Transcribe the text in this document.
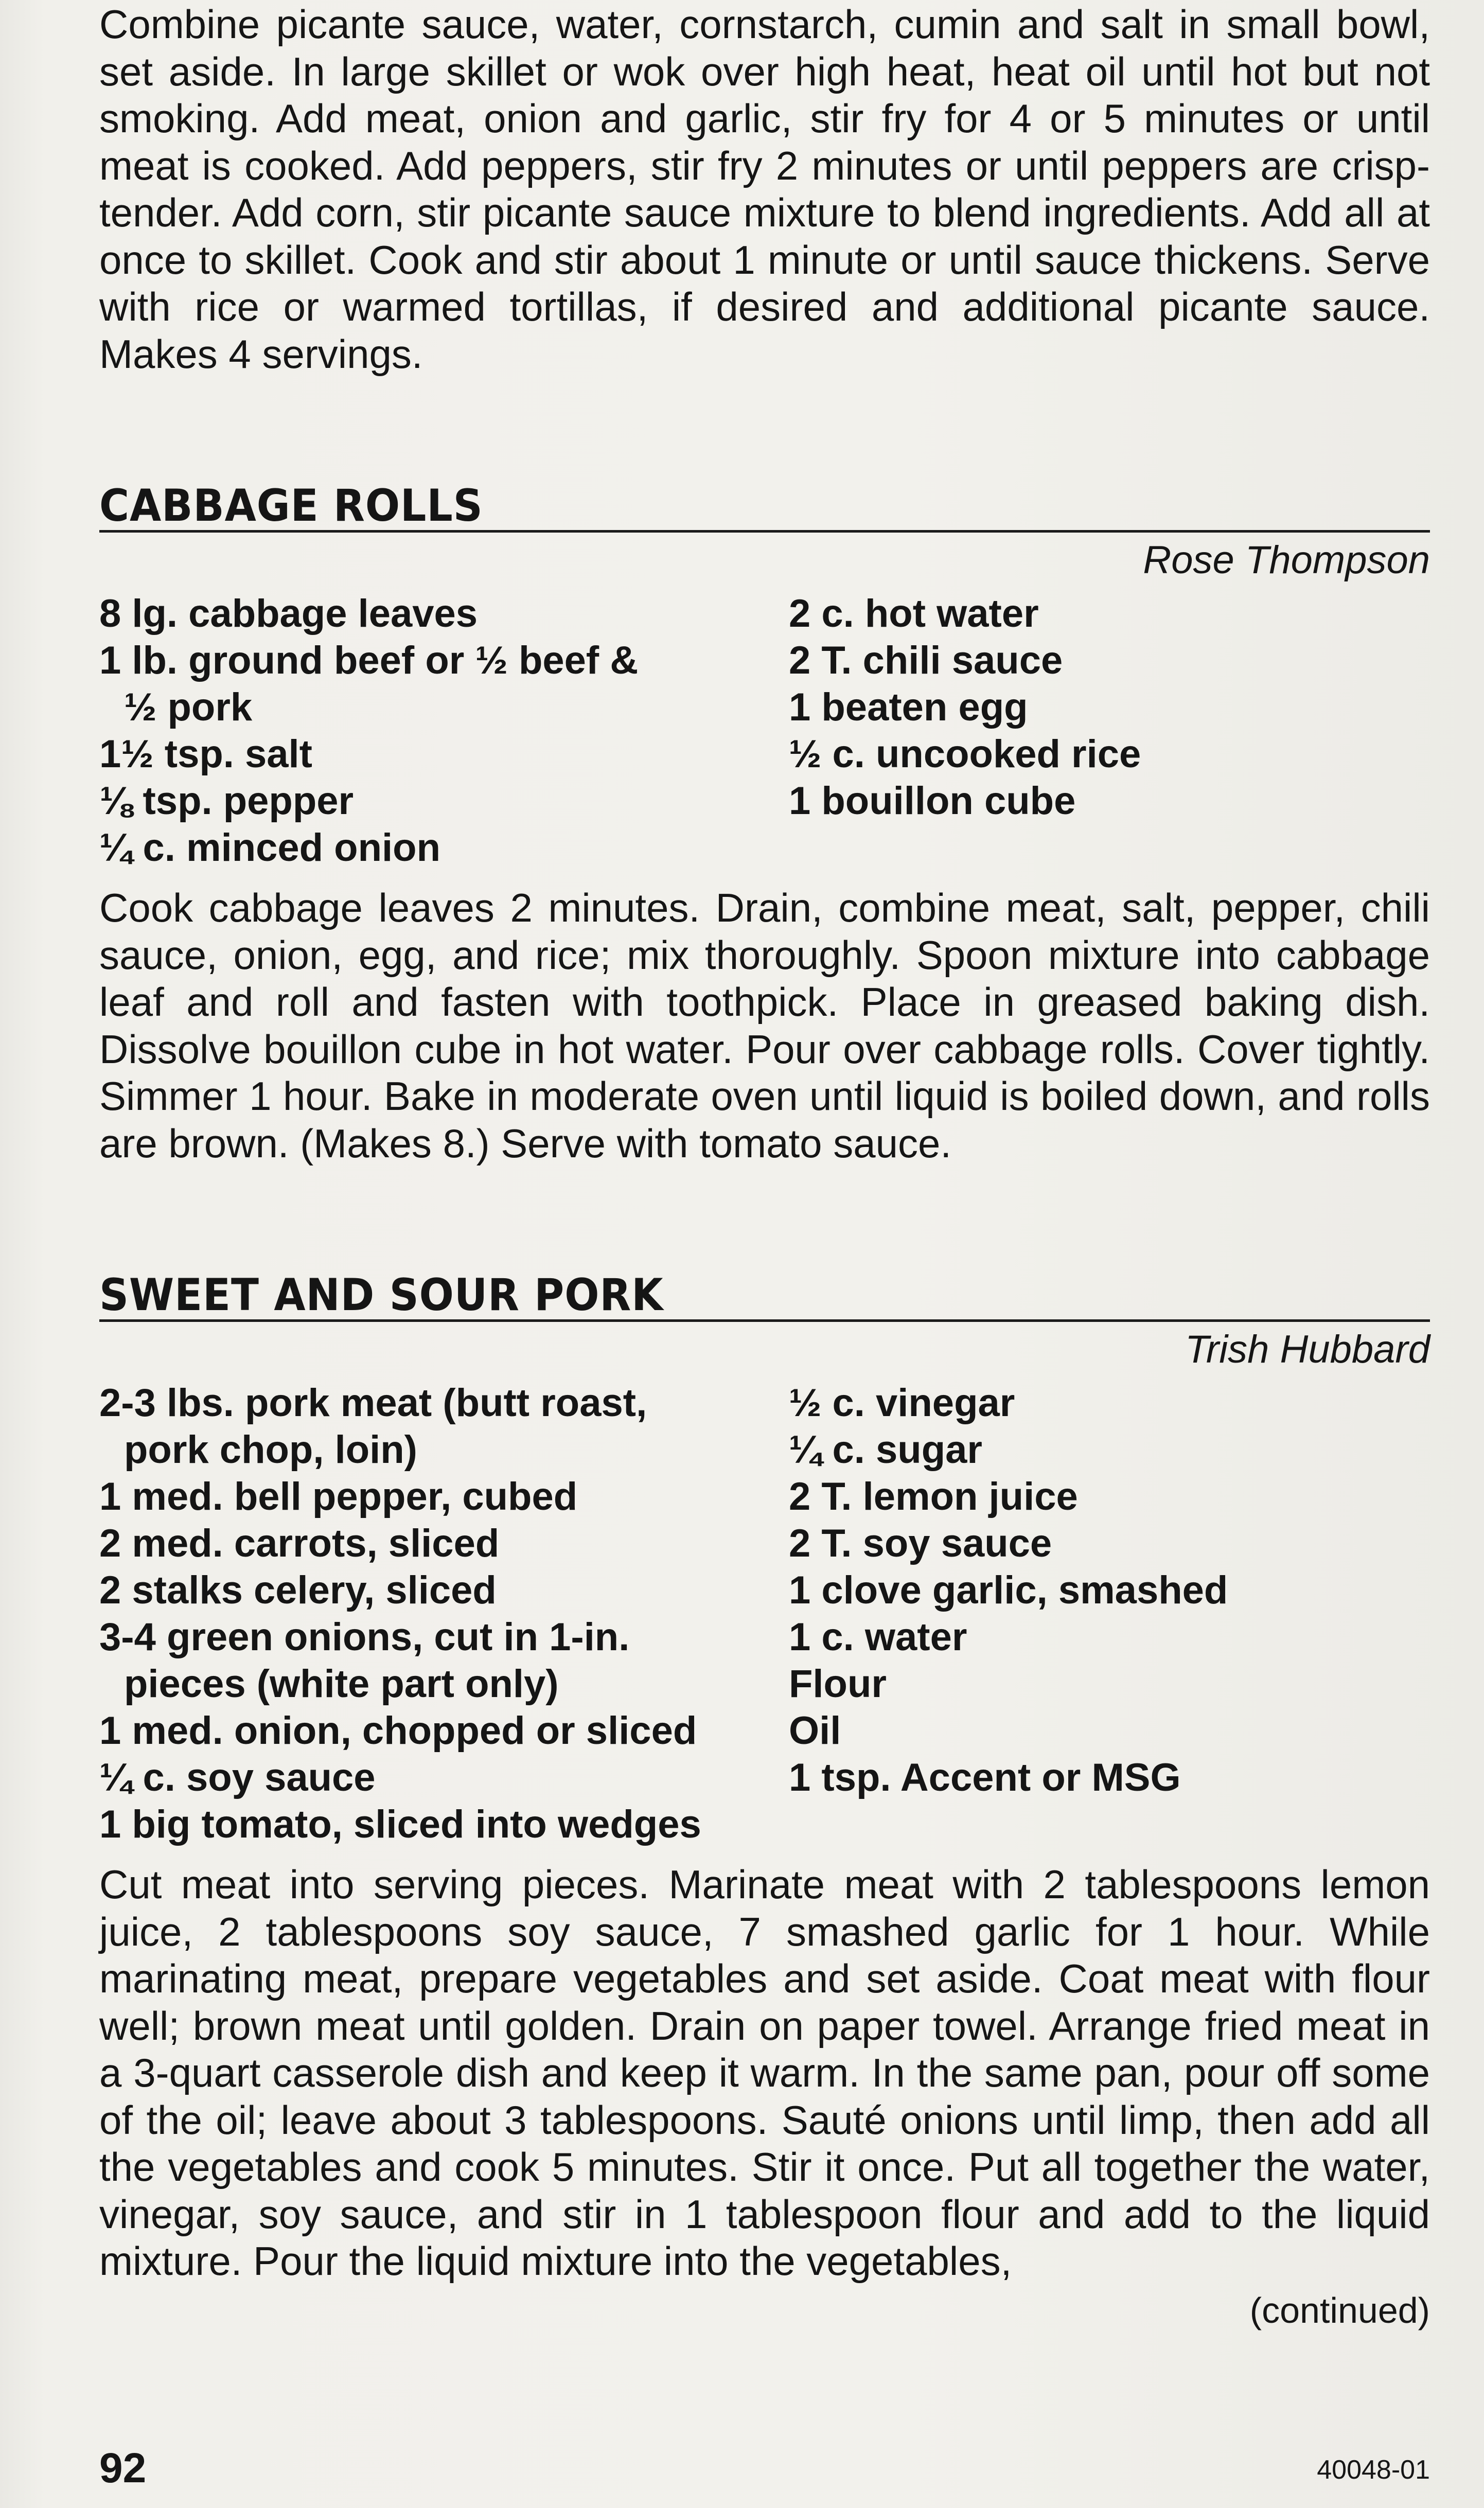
Combine picante sauce, water, cornstarch, cumin and salt in small bowl, set aside. In large skillet or wok over high heat, heat oil until hot but not smoking. Add meat, onion and garlic, stir fry for 4 or 5 minutes or until meat is cooked. Add peppers, stir fry 2 minutes or until peppers are crisp-tender. Add corn, stir picante sauce mixture to blend ingredients. Add all at once to skillet. Cook and stir about 1 minute or until sauce thickens. Serve with rice or warmed tortillas, if desired and additional picante sauce. Makes 4 servings.

CABBAGE ROLLS
Rose Thompson
8 lg. cabbage leaves
1 lb. ground beef or ½ beef &
½ pork
1½ tsp. salt
⅛ tsp. pepper
¼ c. minced onion
2 c. hot water
2 T. chili sauce
1 beaten egg
½ c. uncooked rice
1 bouillon cube

Cook cabbage leaves 2 minutes. Drain, combine meat, salt, pepper, chili sauce, onion, egg, and rice; mix thoroughly. Spoon mixture into cabbage leaf and roll and fasten with toothpick. Place in greased baking dish. Dissolve bouillon cube in hot water. Pour over cabbage rolls. Cover tightly. Simmer 1 hour. Bake in moderate oven until liquid is boiled down, and rolls are brown. (Makes 8.) Serve with tomato sauce.

SWEET AND SOUR PORK
Trish Hubbard
2-3 lbs. pork meat (butt roast,
pork chop, loin)
1 med. bell pepper, cubed
2 med. carrots, sliced
2 stalks celery, sliced
3-4 green onions, cut in 1-in.
pieces (white part only)
1 med. onion, chopped or sliced
¼ c. soy sauce
1 big tomato, sliced into wedges
½ c. vinegar
¼ c. sugar
2 T. lemon juice
2 T. soy sauce
1 clove garlic, smashed
1 c. water
Flour
Oil
1 tsp. Accent or MSG

Cut meat into serving pieces. Marinate meat with 2 tablespoons lemon juice, 2 tablespoons soy sauce, 7 smashed garlic for 1 hour. While marinating meat, prepare vegetables and set aside. Coat meat with flour well; brown meat until golden. Drain on paper towel. Arrange fried meat in a 3-quart casserole dish and keep it warm. In the same pan, pour off some of the oil; leave about 3 tablespoons. Sauté onions until limp, then add all the vegetables and cook 5 minutes. Stir it once. Put all together the water, vinegar, soy sauce, and stir in 1 tablespoon flour and add to the liquid mixture. Pour the liquid mixture into the vegetables,

(continued)
92	40048-01
